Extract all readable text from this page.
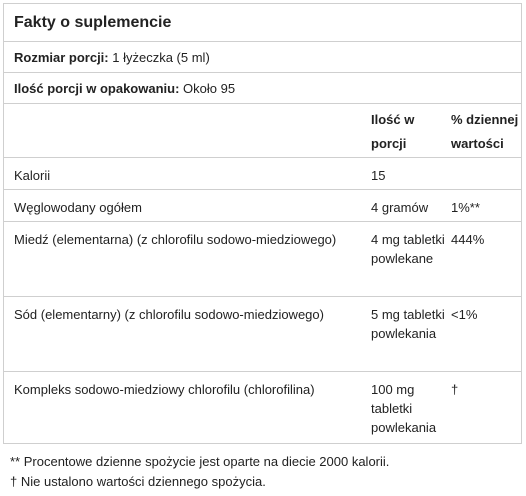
Fakty o suplemencie
Rozmiar porcji: 1 łyżeczka (5 ml)
Ilość porcji w opakowaniu: Około 95
	Ilość w porcji	% dziennej wartości
Kalorii	15	
Węglowodany ogółem	4 gramów	1%**
Miedź (elementarna) (z chlorofilu sodowo-miedziowego)	4 mg tabletki powlekane	444%
Sód (elementarny) (z chlorofilu sodowo-miedziowego)	5 mg tabletki powlekania	<1%
Kompleks sodowo-miedziowy chlorofilu (chlorofilina)	100 mg tabletki powlekania	†
** Procentowe dzienne spożycie jest oparte na diecie 2000 kalorii.
† Nie ustalono wartości dziennego spożycia.
